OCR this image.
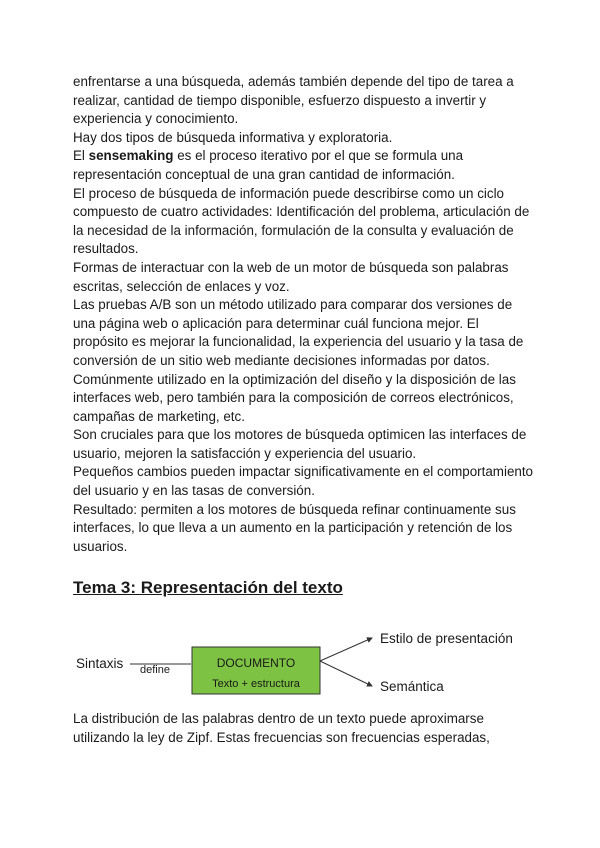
enfrentarse a una búsqueda, además también depende del tipo de tarea a realizar, cantidad de tiempo disponible, esfuerzo dispuesto a invertir y experiencia y conocimiento.

Hay dos tipos de búsqueda informativa y exploratoria.

El sensemaking es el proceso iterativo por el que se formula una representación conceptual de una gran cantidad de información.

El proceso de búsqueda de información puede describirse como un ciclo compuesto de cuatro actividades: Identificación del problema, articulación de la necesidad de la información, formulación de la consulta y evaluación de resultados.

Formas de interactuar con la web de un motor de búsqueda son palabras escritas, selección de enlaces y voz.

Las pruebas A/B son un método utilizado para comparar dos versiones de una página web o aplicación para determinar cuál funciona mejor. El propósito es mejorar la funcionalidad, la experiencia del usuario y la tasa de conversión de un sitio web mediante decisiones informadas por datos. Comúnmente utilizado en la optimización del diseño y la disposición de las interfaces web, pero también para la composición de correos electrónicos, campañas de marketing, etc.

Son cruciales para que los motores de búsqueda optimicen las interfaces de usuario, mejoren la satisfacción y experiencia del usuario.

Pequeños cambios pueden impactar significativamente en el comportamiento del usuario y en las tasas de conversión.

Resultado: permiten a los motores de búsqueda refinar continuamente sus interfaces, lo que lleva a un aumento en la participación y retención de los usuarios.

Tema 3: Representación del texto
Sintaxis define	DOCUMENTO
Texto + estructura
Estilo de presentación
Semántica

La distribución de las palabras dentro de un texto puede aproximarse utilizando la ley de Zipf. Estas frecuencias son frecuencias esperadas,
